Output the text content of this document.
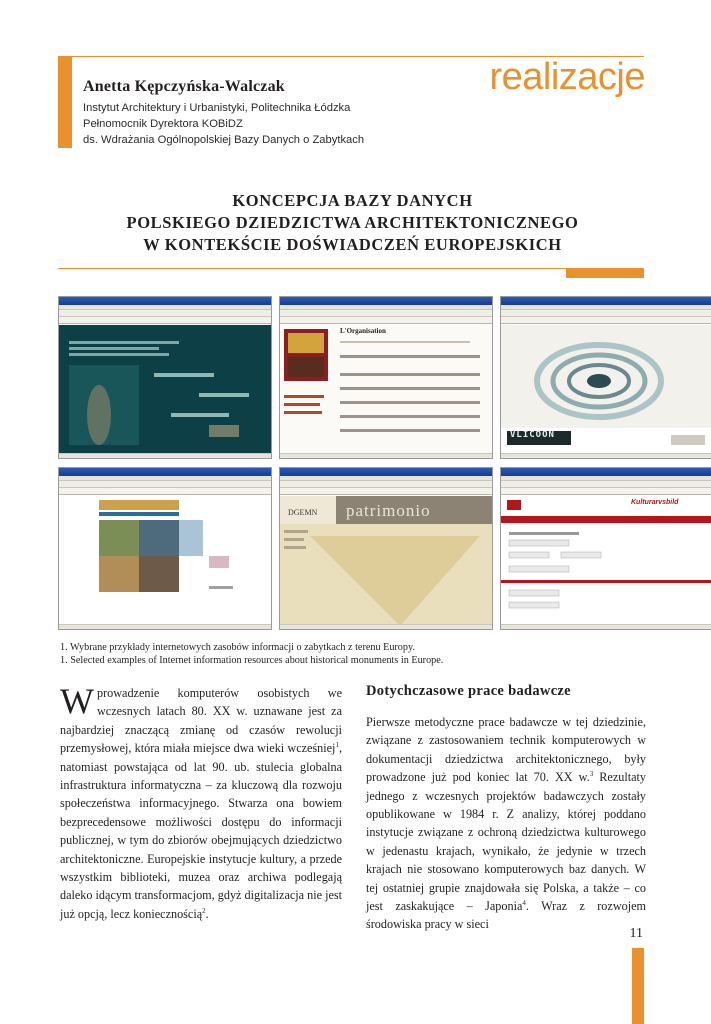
Anetta Kępczyńska-Walczak
Instytut Architektury i Urbanistyki, Politechnika Łódzka
Pełnomocnik Dyrektora KOBiDZ
ds. Wdrażania Ogólnopolskiej Bazy Danych o Zabytkach
realizacje
KONCEPCJA BAZY DANYCH
POLSKIEGO DZIEDZICTWA ARCHITEKTONICZNEGO
W KONTEKŚCIE DOŚWIADCZEŃ EUROPEJSKICH
L'Organisation
VLICOON
DGEMN patrimonio	Kulturarvsbild
1. Wybrane przykłady internetowych zasobów informacji o zabytkach z terenu Europy.
1. Selected examples of Internet information resources about historical monuments in Europe.
Wprowadzenie komputerów osobistych we wczesnych latach 80. XX w. uznawane jest za najbardziej znaczącą zmianę od czasów rewolucji przemysłowej, która miała miejsce dwa wieki wcześniej$^1$, natomiast powstająca od lat 90. ub. stulecia globalna infrastruktura informatyczna – za kluczową dla rozwoju społeczeństwa informacyjnego. Stwarza ona bowiem bezprecedensowe możliwości dostępu do informacji publicznej, w tym do zbiorów obejmujących dziedzictwo architektoniczne. Europejskie instytucje kultury, a przede wszystkim biblioteki, muzea oraz archiwa podlegają daleko idącym transformacjom, gdyż digitalizacja nie jest już opcją, lecz koniecznością$^2$.
Dotychczasowe prace badawcze
Pierwsze metodyczne prace badawcze w tej dziedzinie, związane z zastosowaniem technik komputerowych w dokumentacji dziedzictwa architektonicznego, były prowadzone już pod koniec lat 70. XX w.$^3$ Rezultaty jednego z wczesnych projektów badawczych zostały opublikowane w 1984 r. Z analizy, której poddano instytucje związane z ochroną dziedzictwa kulturowego w jedenastu krajach, wynikało, że jedynie w trzech krajach nie stosowano komputerowych baz danych. W tej ostatniej grupie znajdowała się Polska, a także – co jest zaskakujące – Japonia$^4$. Wraz z rozwojem środowiska pracy w sieci
11
